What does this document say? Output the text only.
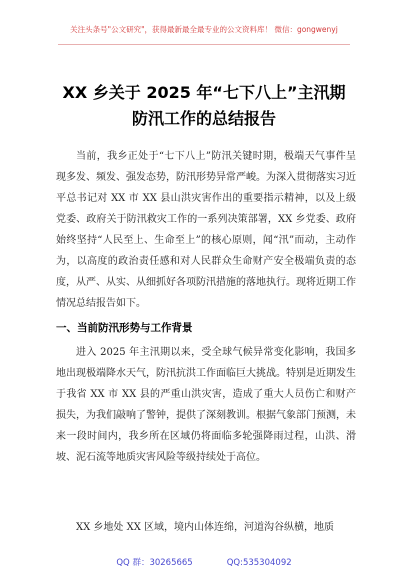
关注头条号"公文研究"，获得最新最全最专业的公文资料库！ 微信：gongwenyj
XX 乡关于 2025 年“七下八上”主汛期防汛工作的总结报告
当前，我乡正处于“七下八上”防汛关键时期，极端天气事件呈现多发、频发、强发态势，防汛形势异常严峻。为深入贯彻落实习近平总书记对 XX 市 XX 县山洪灾害作出的重要指示精神，以及上级党委、政府关于防汛救灾工作的一系列决策部署，XX 乡党委、政府始终坚持“人民至上、生命至上”的核心原则，闻“汛”而动，主动作为，以高度的政治责任感和对人民群众生命财产安全极端负责的态度，从严、从实、从细抓好各项防汛措施的落地执行。现将近期工作情况总结报告如下。
一、当前防汛形势与工作背景
进入 2025 年主汛期以来，受全球气候异常变化影响，我国多地出现极端降水天气，防汛抗洪工作面临巨大挑战。特别是近期发生于我省 XX 市 XX 县的严重山洪灾害，造成了重大人员伤亡和财产损失，为我们敲响了警钟，提供了深刻教训。根据气象部门预测，未来一段时间内，我乡所在区域仍将面临多轮强降雨过程，山洪、滑坡、泥石流等地质灾害风险等级持续处于高位。
XX 乡地处 XX 区域，境内山体连绵，河道沟谷纵横，地质
QQ 群：30265665	QQ:535304092
